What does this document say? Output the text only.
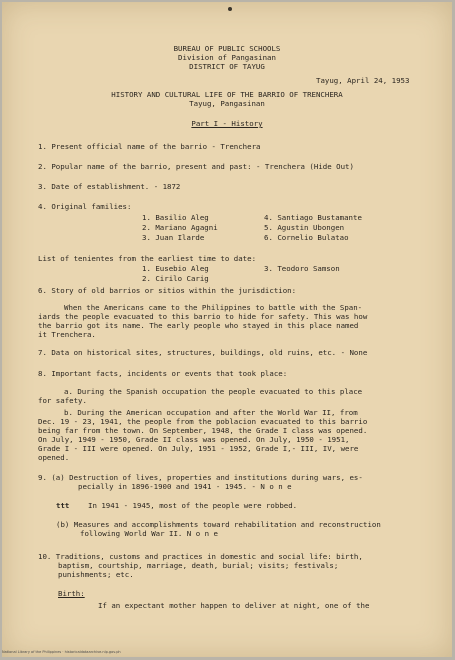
BUREAU OF PUBLIC SCHOOLS
Division of Pangasinan
DISTRICT OF TAYUG
Tayug, April 24, 1953
HISTORY AND CULTURAL LIFE OF THE BARRIO OF TRENCHERA
Tayug, Pangasinan
Part I - History
1. Present official name of the barrio - Trenchera
2. Popular name of the barrio, present and past: - Trenchera (Hide Out)
3. Date of establishment. - 1872
4. Original families:
1. Basilio Aleg
2. Mariano Agagni
3. Juan Ilarde
4. Santiago Bustamante
5. Agustin Ubongen
6. Cornelio Bulatao
List of tenientes from the earliest time to date:
1. Eusebio Aleg
2. Cirilo Carig
3. Teodoro Samson
6. Story of old barrios or sitios within the jurisdiction:
When the Americans came to the Philippines to battle with the Span-
iards the people evacuated to this barrio to hide for safety. This was how
the barrio got its name. The early people who stayed in this place named
it Trenchera.
7. Data on historical sites, structures, buildings, old ruins, etc. - None
8. Important facts, incidents or events that took place:
a. During the Spanish occupation the people evacuated to this place
for safety.
b. During the American occupation and after the World War II, from
Dec. 19 - 23, 1941, the people from the poblacion evacuated to this barrio
being far from the town. On September, 1948, the Grade I class was opened.
On July, 1949 - 1950, Grade II class was opened. On July, 1950 - 1951,
Grade I - III were opened. On July, 1951 - 1952, Grade I,- III, IV, were
opened.
9. (a) Destruction of lives, properties and institutions during wars, es-
pecially in 1896-1900 and 1941 - 1945. - N o n e
ttt	In 1941 - 1945, most of the people were robbed.
(b) Measures and accomplishments toward rehabilitation and reconstruction
following World War II. N o n e
10. Traditions, customs and practices in domestic and social life: birth,
baptism, courtship, marriage, death, burial; visits; festivals;
punishments; etc.
Birth:
If an expectant mother happen to deliver at night, one of the
National Library of the Philippines · historicaldataarchive.nlp.gov.ph
